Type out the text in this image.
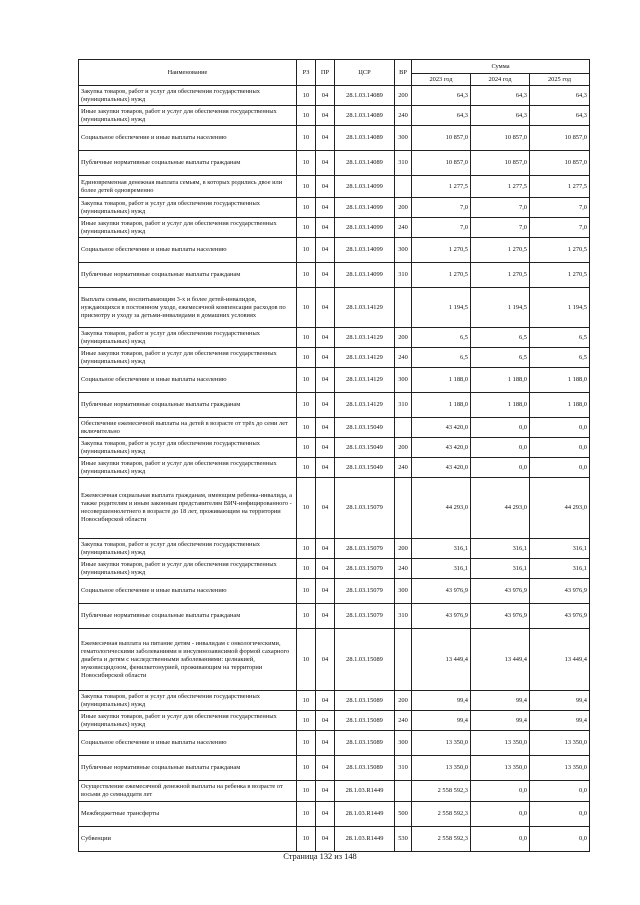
Наименование	РЗ	ПР	ЦСР	ВР	Сумма		
					2023 год	2024 год	2025 год
Закупка товаров, работ и услуг для обеспечения государственных (муниципальных) нужд	10	04	28.1.03.14089	200	64,3	64,3	64,3
Иные закупки товаров, работ и услуг для обеспечения государственных (муниципальных) нужд	10	04	28.1.03.14089	240	64,3	64,3	64,3
Социальное обеспечение и иные выплаты населению	10	04	28.1.03.14089	300	10 857,0	10 857,0	10 857,0
Публичные нормативные социальные выплаты гражданам	10	04	28.1.03.14089	310	10 857,0	10 857,0	10 857,0
Единовременная денежная выплата семьям, в которых родились двое или более детей одновременно	10	04	28.1.03.14099		1 277,5	1 277,5	1 277,5
Закупка товаров, работ и услуг для обеспечения государственных (муниципальных) нужд	10	04	28.1.03.14099	200	7,0	7,0	7,0
Иные закупки товаров, работ и услуг для обеспечения государственных (муниципальных) нужд	10	04	28.1.03.14099	240	7,0	7,0	7,0
Социальное обеспечение и иные выплаты населению	10	04	28.1.03.14099	300	1 270,5	1 270,5	1 270,5
Публичные нормативные социальные выплаты гражданам	10	04	28.1.03.14099	310	1 270,5	1 270,5	1 270,5
Выплата семьям, воспитывающим 3-х и более детей-инвалидов, нуждающихся в постоянном уходе, ежемесячной компенсации расходов по присмотру и уходу за детьми-инвалидами в домашних условиях	10	04	28.1.03.14129		1 194,5	1 194,5	1 194,5
Закупка товаров, работ и услуг для обеспечения государственных (муниципальных) нужд	10	04	28.1.03.14129	200	6,5	6,5	6,5
Иные закупки товаров, работ и услуг для обеспечения государственных (муниципальных) нужд	10	04	28.1.03.14129	240	6,5	6,5	6,5
Социальное обеспечение и иные выплаты населению	10	04	28.1.03.14129	300	1 188,0	1 188,0	1 188,0
Публичные нормативные социальные выплаты гражданам	10	04	28.1.03.14129	310	1 188,0	1 188,0	1 188,0
Обеспечение ежемесячной выплаты на детей в возрасте от трёх до семи лет включительно	10	04	28.1.03.15049		43 420,0	0,0	0,0
Закупка товаров, работ и услуг для обеспечения государственных (муниципальных) нужд	10	04	28.1.03.15049	200	43 420,0	0,0	0,0
Иные закупки товаров, работ и услуг для обеспечения государственных (муниципальных) нужд	10	04	28.1.03.15049	240	43 420,0	0,0	0,0
Ежемесячная социальная выплата гражданам, имеющим ребенка-инвалида, а также родителям и иным законным представителям ВИЧ-инфицированного - несовершеннолетнего в возрасте до 18 лет, проживающим на территории Новосибирской области	10	04	28.1.03.15079		44 293,0	44 293,0	44 293,0
Закупка товаров, работ и услуг для обеспечения государственных (муниципальных) нужд	10	04	28.1.03.15079	200	316,1	316,1	316,1
Иные закупки товаров, работ и услуг для обеспечения государственных (муниципальных) нужд	10	04	28.1.03.15079	240	316,1	316,1	316,1
Социальное обеспечение и иные выплаты населению	10	04	28.1.03.15079	300	43 976,9	43 976,9	43 976,9
Публичные нормативные социальные выплаты гражданам	10	04	28.1.03.15079	310	43 976,9	43 976,9	43 976,9
Ежемесячная выплата на питание детям - инвалидам с онкологическими, гематологическими заболеваниями и инсулинозависимой формой сахарного диабета и детям с наследственными заболеваниями: целиакией, муковисцидозом, фенилкетонурией, проживающим на территории Новосибирской области	10	04	28.1.03.15089		13 449,4	13 449,4	13 449,4
Закупка товаров, работ и услуг для обеспечения государственных (муниципальных) нужд	10	04	28.1.03.15089	200	99,4	99,4	99,4
Иные закупки товаров, работ и услуг для обеспечения государственных (муниципальных) нужд	10	04	28.1.03.15089	240	99,4	99,4	99,4
Социальное обеспечение и иные выплаты населению	10	04	28.1.03.15089	300	13 350,0	13 350,0	13 350,0
Публичные нормативные социальные выплаты гражданам	10	04	28.1.03.15089	310	13 350,0	13 350,0	13 350,0
Осуществление ежемесячной денежной выплаты на ребенка в возрасте от восьми до семнадцати лет	10	04	28.1.03.R1449		2 558 592,3	0,0	0,0
Межбюджетные трансферты	10	04	28.1.03.R1449	500	2 558 592,3	0,0	0,0
Субвенции	10	04	28.1.03.R1449	530	2 558 592,3	0,0	0,0
Страница 132 из 148
